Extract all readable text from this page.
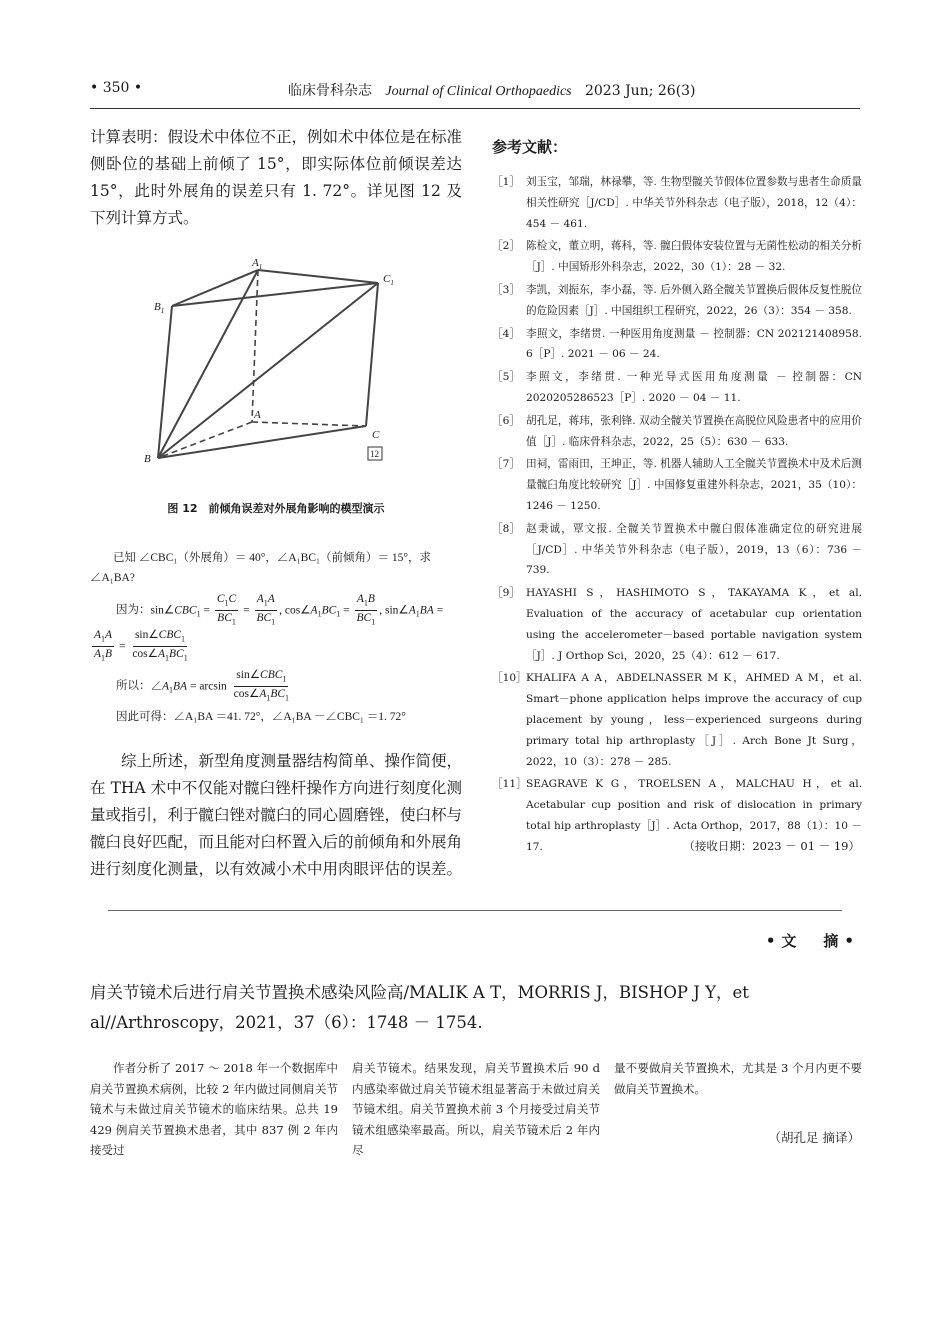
• 350 •	临床骨科杂志 Journal of Clinical Orthopaedics 2023 Jun; 26(3)

计算表明：假设术中体位不正，例如术中体位是在标准侧卧位的基础上前倾了 15°，即实际体位前倾误差达 15°，此时外展角的误差只有 1. 72°。详见图 12 及下列计算方式。

$A_1$
$B_1$
$C_1$
A
C
B	12
图 12　前倾角误差对外展角影响的模型演示
已知 ∠CBC₁（外展角）＝ 40°，∠A₁BC₁（前倾角）＝ 15°，求 ∠A₁BA?
因为：$\sin\angle CBC_1 = \frac{C_1C}{BC_1} = \frac{A_1A}{BC_1}$ , $\cos\angle A_1BC_1 = \frac{A_1B}{BC_1}$ , $\sin\angle A_1BA$ =
$\frac{A_1A}{A_1B} = \frac{\sin\angle CBC_1}{\cos\angle A_1BC_1}$
所以：$\angle A_1BA = \arcsin \frac{\sin\angle CBC_1}{\cos\angle A_1BC_1}$
因此可得：∠A₁BA ＝41. 72°，∠A₁BA －∠CBC₁ ＝1. 72°

综上所述，新型角度测量器结构简单、操作简便，在 THA 术中不仅能对髋臼锉杆操作方向进行刻度化测量或指引，利于髋臼锉对髋臼的同心圆磨锉，使臼杯与髋臼良好匹配，而且能对臼杯置入后的前倾角和外展角进行刻度化测量，以有效减小术中用肉眼评估的误差。

参考文献：
［1］ 刘玉宝，邹瑞，林禄攀，等. 生物型髋关节假体位置参数与患者生命质量相关性研究［J/CD］. 中华关节外科杂志（电子版），2018，12（4）：454 － 461.
［2］ 陈检文，董立明，蒋科，等. 髋臼假体安装位置与无菌性松动的相关分析［J］. 中国矫形外科杂志，2022，30（1）：28 － 32.
［3］ 李凯，刘振东，李小磊，等. 后外侧入路全髋关节置换后假体反复性脱位的危险因素［J］. 中国组织工程研究，2022，26（3）：354 － 358.
［4］ 李照文，李绪贯. 一种医用角度测量 － 控制器：CN 202121408958. 6［P］. 2021 － 06 － 24.
［5］ 李照文，李绪贯. 一种光导式医用角度测量 － 控制器：CN 2020205286523［P］. 2020 － 04 － 11.
［6］ 胡孔足，蒋玮，张利锋. 双动全髋关节置换在高脱位风险患者中的应用价值［J］. 临床骨科杂志，2022，25（5）：630 － 633.
［7］ 田祠，雷雨田，王坤正，等. 机器人辅助人工全髋关节置换术中及术后测量髋臼角度比较研究［J］. 中国修复重建外科杂志，2021，35（10）：1246 － 1250.
［8］ 赵秉诚，覃文报. 全髋关节置换术中髋臼假体准确定位的研究进展［J/CD］. 中华关节外科杂志（电子版），2019，13（6）：736 － 739.
［9］ HAYASHI S，HASHIMOTO S，TAKAYAMA K，et al. Evaluation of the accuracy of acetabular cup orientation using the accelerometer－based portable navigation system［J］. J Orthop Sci，2020，25（4）：612 － 617.
［10］ KHALIFA A A，ABDELNASSER M K，AHMED A M，et al. Smart－phone application helps improve the accuracy of cup placement by young，less－experienced surgeons during primary total hip arthroplasty［J］. Arch Bone Jt Surg，2022，10（3）：278 － 285.
［11］ SEAGRAVE K G，TROELSEN A，MALCHAU H，et al. Acetabular cup position and risk of dislocation in primary total hip arthroplasty［J］. Acta Orthop，2017，88（1）：10 － 17.	（接收日期：2023 － 01 － 19）
•文　摘•
肩关节镜术后进行肩关节置换术感染风险高/MALIK A T，MORRIS J，BISHOP J Y，et al//Arthroscopy，2021，37（6）：1748 － 1754.
作者分析了 2017 ～ 2018 年一个数据库中肩关节置换术病例，比较 2 年内做过同侧肩关节镜术与未做过肩关节镜术的临床结果。总共 19 429 例肩关节置换术患者，其中 837 例 2 年内接受过
肩关节镜术。结果发现，肩关节置换术后 90 d 内感染率做过肩关节镜术组显著高于未做过肩关节镜术组。肩关节置换术前 3 个月接受过肩关节镜术组感染率最高。所以，肩关节镜术后 2 年内尽
量不要做肩关节置换术，尤其是 3 个月内更不要做肩关节置换术。
（胡孔足 摘译）
